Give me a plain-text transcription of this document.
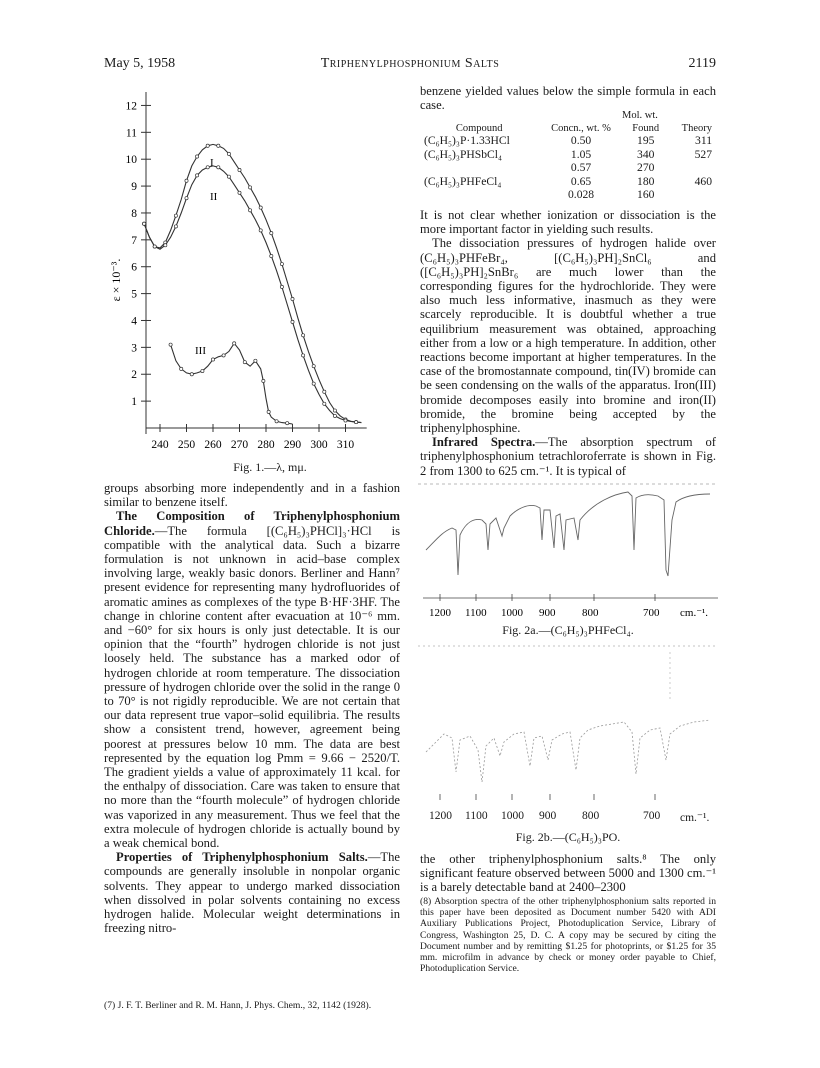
May 5, 1958	Triphenylphosphonium Salts	2119
12
11
10
9
8
7
6
5
4
3
2
1
240 250 260 270 280 290 300 310
I
II
III
ε × 10⁻³.
Fig. 1.—λ, mμ.

groups absorbing more independently and in a fashion similar to benzene itself.

The Composition of Triphenylphosphonium Chloride.—The formula [(C₆H₅)₃PHCl]₃·HCl is compatible with the analytical data. Such a bizarre formulation is not unknown in acid–base complex involving large, weakly basic donors. Berliner and Hann⁷ present evidence for representing many hydrofluorides of aromatic amines as complexes of the type B·HF·3HF. The change in chlorine content after evacuation at 10⁻⁶ mm. and −60° for six hours is only just detectable. It is our opinion that the “fourth” hydrogen chloride is not just loosely held. The substance has a marked odor of hydrogen chloride at room temperature. The dissociation pressure of hydrogen chloride over the solid in the range 0 to 70° is not rigidly reproducible. We are not certain that our data represent true vapor–solid equilibria. The results show a consistent trend, however, agreement being poorest at pressures below 10 mm. The data are best represented by the equation log Pmm = 9.66 − 2520/T. The gradient yields a value of approximately 11 kcal. for the enthalpy of dissociation. Care was taken to ensure that no more than the “fourth molecule” of hydrogen chloride was vaporized in any measurement. Thus we feel that the extra molecule of hydrogen chloride is actually bound by a weak chemical bond.

Properties of Triphenylphosphonium Salts.—The compounds are generally insoluble in nonpolar organic solvents. They appear to undergo marked dissociation when dissolved in polar solvents containing no excess hydrogen halide. Molecular weight determinations in freezing nitro-

(7) J. F. T. Berliner and R. M. Hann, J. Phys. Chem., 32, 1142 (1928).
benzene yielded values below the simple formula in each case.
Mol. wt.
Compound	Concn., wt. %	Found	Theory
(C₆H₅)₃P·1.33HCl	0.50	195	311
(C₆H₅)₃PHSbCl₄	1.05	340	527
	0.57	270	
(C₆H₅)₃PHFeCl₄	0.65	180	460
	0.028	160	

It is not clear whether ionization or dissociation is the more important factor in yielding such results.

The dissociation pressures of hydrogen halide over (C₆H₅)₃PHFeBr₄, [(C₆H₅)₃PH]₂SnCl₆ and ([C₆H₅)₃PH]₂SnBr₆ are much lower than the corresponding figures for the hydrochloride. They were also much less informative, inasmuch as they were scarcely reproducible. It is doubtful whether a true equilibrium measurement was obtained, approaching either from a low or a high temperature. In addition, other reactions become important at higher temperatures. In the case of the bromostannate compound, tin(IV) bromide can be seen condensing on the walls of the apparatus. Iron(III) bromide decomposes easily into bromine and iron(II) bromide, the bromine being accepted by the triphenylphosphine.

Infrared Spectra.—The absorption spectrum of triphenylphosphonium tetrachloroferrate is shown in Fig. 2 from 1300 to 625 cm.⁻¹. It is typical of

1200 1100 1000 900 800	700 cm.⁻¹.
Fig. 2a.—(C₆H₅)₃PHFeCl₄.
1200 1100 1000 900 800	700 cm.⁻¹.
Fig. 2b.—(C₆H₅)₃PO.
the other triphenylphosphonium salts.⁸ The only significant feature observed between 5000 and 1300 cm.⁻¹ is a barely detectable band at 2400–2300
(8) Absorption spectra of the other triphenylphosphonium salts reported in this paper have been deposited as Document number 5420 with ADI Auxiliary Publications Project, Photoduplication Service, Library of Congress, Washington 25, D. C. A copy may be secured by citing the Document number and by remitting $1.25 for photoprints, or $1.25 for 35 mm. microfilm in advance by check or money order payable to Chief, Photoduplication Service.
